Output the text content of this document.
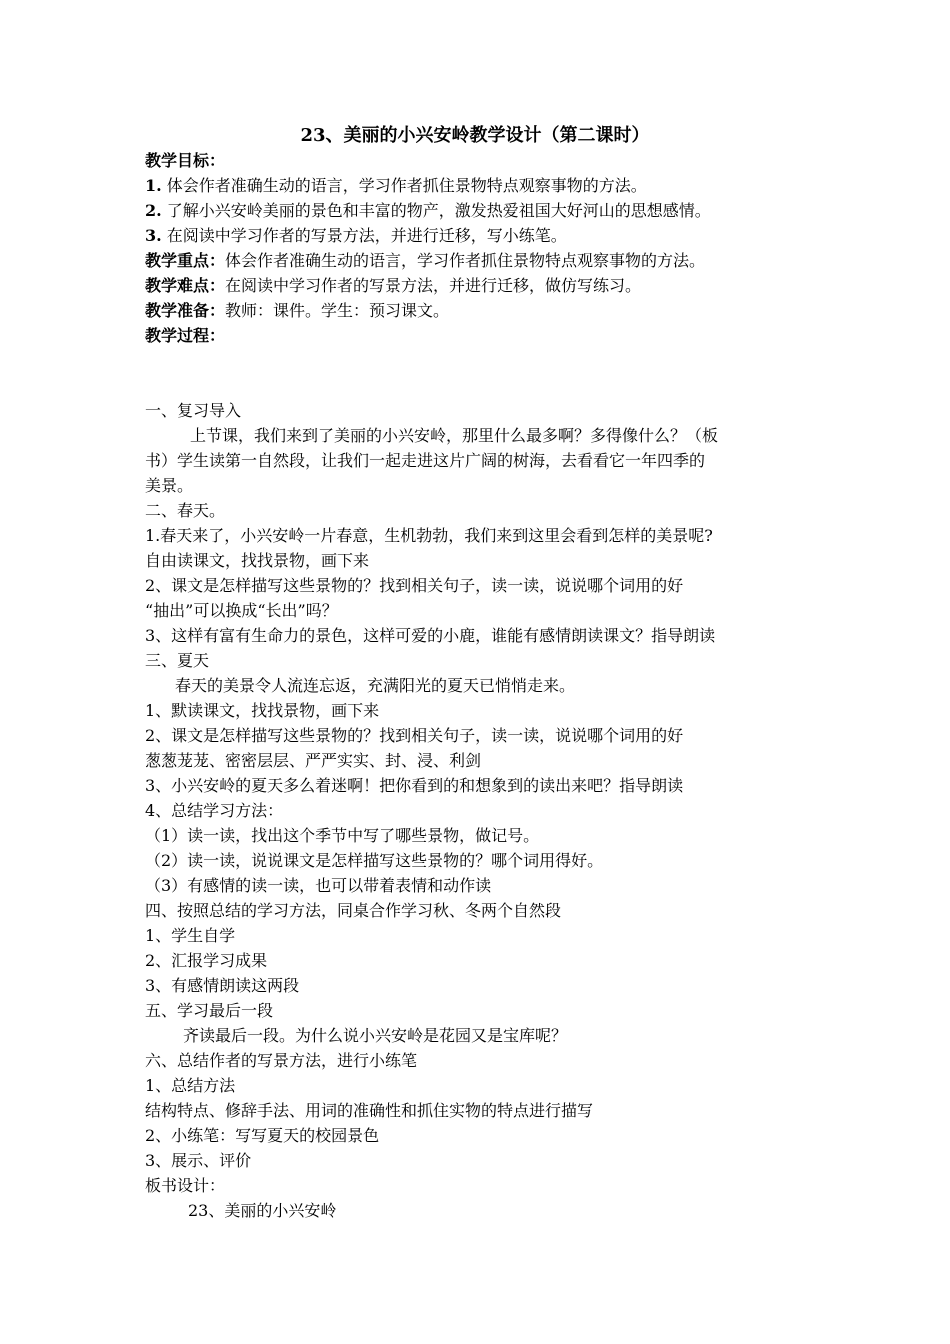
23、美丽的小兴安岭教学设计（第二课时）

教学目标：

1. 体会作者准确生动的语言，学习作者抓住景物特点观察事物的方法。

2. 了解小兴安岭美丽的景色和丰富的物产，激发热爱祖国大好河山的思想感情。

3. 在阅读中学习作者的写景方法，并进行迁移，写小练笔。

教学重点：体会作者准确生动的语言，学习作者抓住景物特点观察事物的方法。

教学难点：在阅读中学习作者的写景方法，并进行迁移，做仿写练习。

教学准备：教师：课件。学生：预习课文。

教学过程：

一、复习导入

上节课，我们来到了美丽的小兴安岭，那里什么最多啊？多得像什么？（板

书）学生读第一自然段，让我们一起走进这片广阔的树海，去看看它一年四季的

美景。

二、春天。

1.春天来了，小兴安岭一片春意，生机勃勃，我们来到这里会看到怎样的美景呢?

自由读课文，找找景物，画下来

2、课文是怎样描写这些景物的？找到相关句子，读一读，说说哪个词用的好

“抽出”可以换成“长出”吗？

3、这样有富有生命力的景色，这样可爱的小鹿，谁能有感情朗读课文？指导朗读

三、夏天

春天的美景令人流连忘返，充满阳光的夏天已悄悄走来。

1、默读课文，找找景物，画下来

2、课文是怎样描写这些景物的？找到相关句子，读一读，说说哪个词用的好

葱葱茏茏、密密层层、严严实实、封、浸、利剑

3、小兴安岭的夏天多么着迷啊！把你看到的和想象到的读出来吧？指导朗读

4、总结学习方法：

（1）读一读，找出这个季节中写了哪些景物，做记号。

（2）读一读，说说课文是怎样描写这些景物的？哪个词用得好。

（3）有感情的读一读，也可以带着表情和动作读

四、按照总结的学习方法，同桌合作学习秋、冬两个自然段

1、学生自学

2、汇报学习成果

3、有感情朗读这两段

五、学习最后一段

齐读最后一段。为什么说小兴安岭是花园又是宝库呢？

六、总结作者的写景方法，进行小练笔

1、总结方法

结构特点、修辞手法、用词的准确性和抓住实物的特点进行描写

2、小练笔：写写夏天的校园景色

3、展示、评价

板书设计：

23、美丽的小兴安岭
